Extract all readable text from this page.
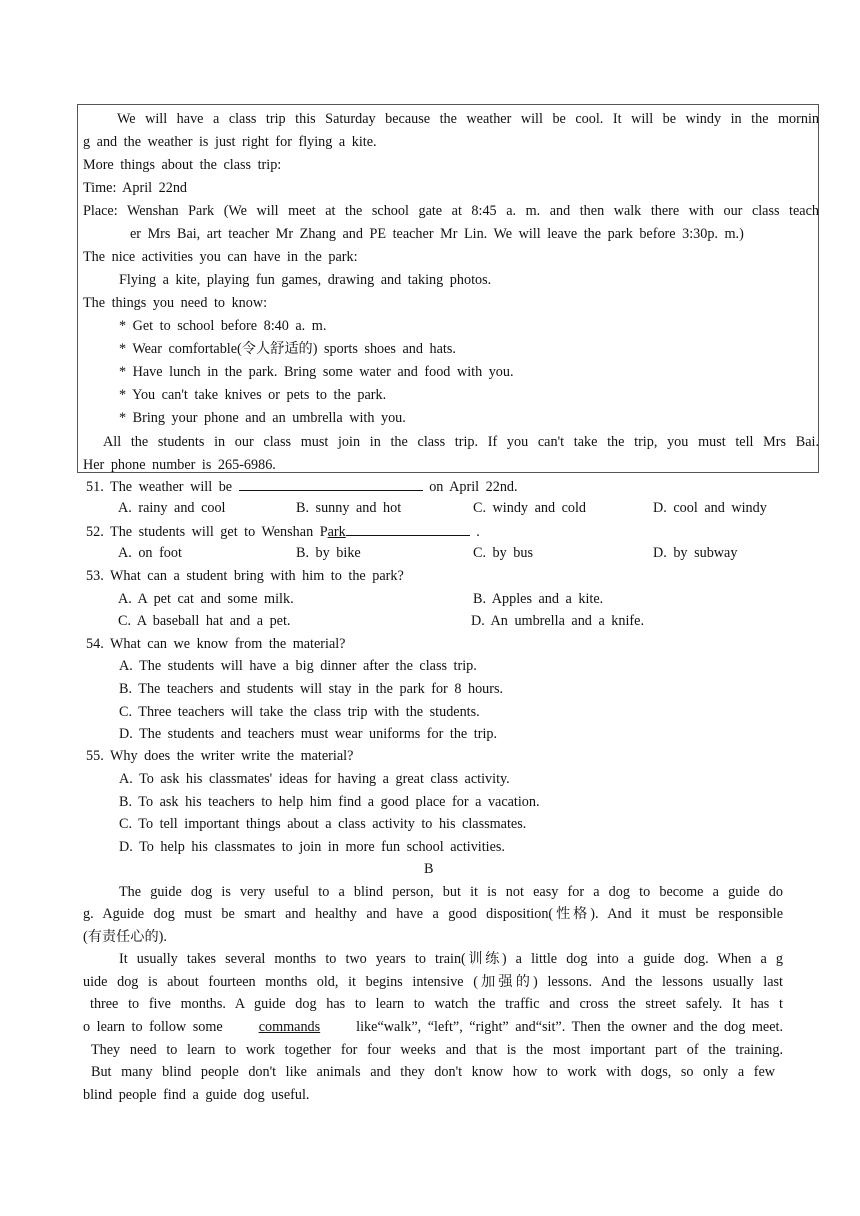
We will have a class trip this Saturday because the weather will be cool. It will be windy in the mornin
g and the weather is just right for flying a kite.
More things about the class trip:
Time: April 22nd
Place: Wenshan Park (We will meet at the school gate at 8:45 a. m. and then walk there with our class teach
er Mrs Bai, art teacher Mr Zhang and PE teacher Mr Lin. We will leave the park before 3:30p. m.)
The nice activities you can have in the park:
Flying a kite, playing fun games, drawing and taking photos.
The things you need to know:
* Get to school before 8:40 a. m.
* Wear comfortable(令人舒适的) sports shoes and hats.
* Have lunch in the park. Bring some water and food with you.
* You can't take knives or pets to the park.
* Bring your phone and an umbrella with you.
All the students in our class must join in the class trip. If you can't take the trip, you must tell Mrs Bai.
Her phone number is 265-6986.
51. The weather will be	on April 22nd.
A. rainy and cool	B. sunny and hot	C. windy and cold	D. cool and windy
52. The students will get to Wenshan Park	.
A. on foot	B. by bike	C. by bus	D. by subway
53. What can a student bring with him to the park?
A. A pet cat and some milk.	B. Apples and a kite.
C. A baseball hat and a pet.	D. An umbrella and a knife.
54. What can we know from the material?
A. The students will have a big dinner after the class trip.
B. The teachers and students will stay in the park for 8 hours.
C. Three teachers will take the class trip with the students.
D. The students and teachers must wear uniforms for the trip.
55. Why does the writer write the material?
A. To ask his classmates' ideas for having a great class activity.
B. To ask his teachers to help him find a good place for a vacation.
C. To tell important things about a class activity to his classmates.
D. To help his classmates to join in more fun school activities.
B
The guide dog is very useful to a blind person, but it is not easy for a dog to become a guide do
g. Aguide dog must be smart and healthy and have a good disposition(性格). And it must be responsible
(有责任心的).
It usually takes several months to two years to train(训练) a little dog into a guide dog. When a g
uide dog is about fourteen months old, it begins intensive (加强的) lessons. And the lessons usually last
three to five months. A guide dog has to learn to watch the traffic and cross the street safely. It has t
o learn to follow some	commands	like“walk”, “left”, “right” and“sit”. Then the owner and the dog meet.
They need to learn to work together for four weeks and that is the most important part of the training.
But many blind people don't like animals and they don't know how to work with dogs, so only a few
blind people find a guide dog useful.
